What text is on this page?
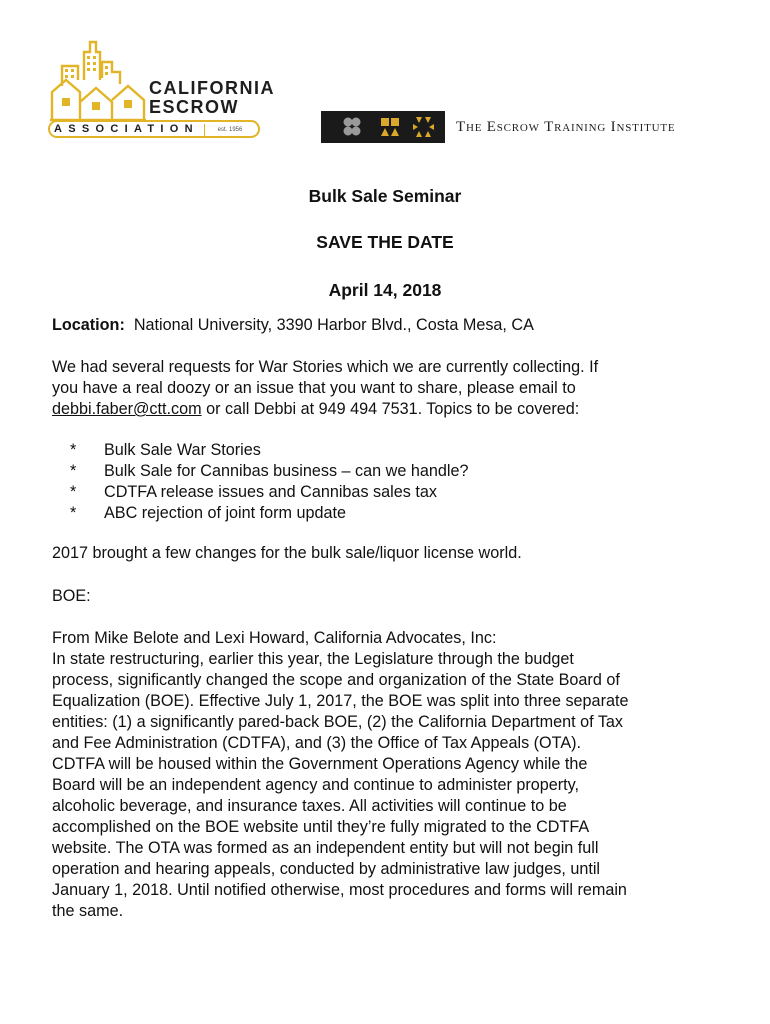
CALIFORNIA
ESCROW
ASSOCIATION	est. 1956	The Escrow Training Institute
Bulk Sale Seminar
SAVE THE DATE
April 14, 2018
Location: National University, 3390 Harbor Blvd., Costa Mesa, CA
We had several requests for War Stories which we are currently collecting. If
you have a real doozy or an issue that you want to share, please email to
debbi.faber@ctt.com or call Debbi at 949 494 7531. Topics to be covered:
* Bulk Sale War Stories
* Bulk Sale for Cannibas business – can we handle?
* CDTFA release issues and Cannibas sales tax
* ABC rejection of joint form update
2017 brought a few changes for the bulk sale/liquor license world.
BOE:
From Mike Belote and Lexi Howard, California Advocates, Inc:
In state restructuring, earlier this year, the Legislature through the budget
process, significantly changed the scope and organization of the State Board of
Equalization (BOE). Effective July 1, 2017, the BOE was split into three separate
entities: (1) a significantly pared-back BOE, (2) the California Department of Tax
and Fee Administration (CDTFA), and (3) the Office of Tax Appeals (OTA).
CDTFA will be housed within the Government Operations Agency while the
Board will be an independent agency and continue to administer property,
alcoholic beverage, and insurance taxes. All activities will continue to be
accomplished on the BOE website until they’re fully migrated to the CDTFA
website. The OTA was formed as an independent entity but will not begin full
operation and hearing appeals, conducted by administrative law judges, until
January 1, 2018. Until notified otherwise, most procedures and forms will remain
the same.
